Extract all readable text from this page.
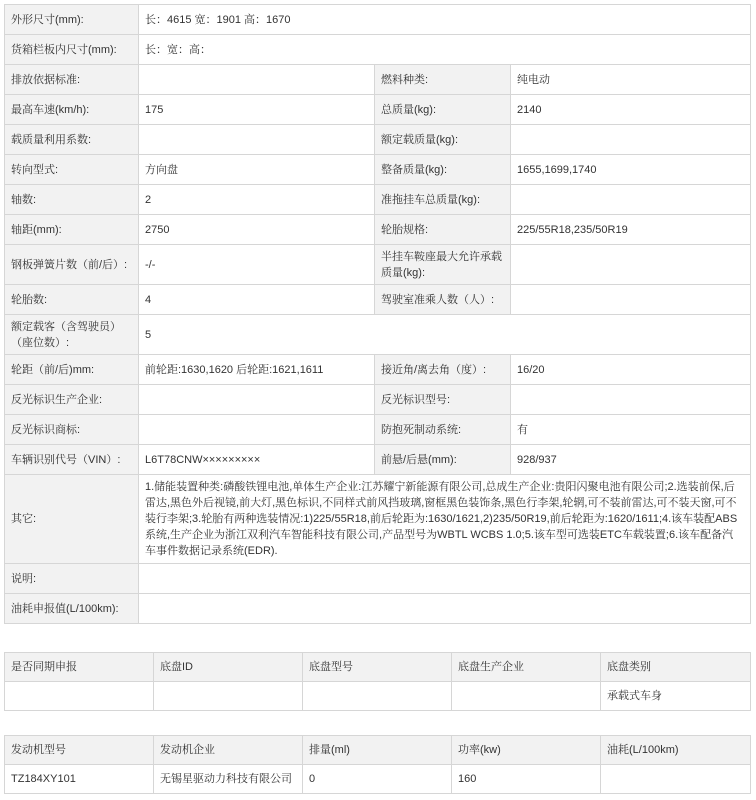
外形尺寸(mm):	长：4615 宽：1901 高：1670		
货箱栏板内尺寸(mm):	长：宽：高：		
排放依据标准:		燃料种类:	纯电动
最高车速(km/h):	175	总质量(kg):	2140
载质量利用系数:		额定载质量(kg):	
转向型式:	方向盘	整备质量(kg):	1655,1699,1740
轴数:	2	准拖挂车总质量(kg):	
轴距(mm):	2750	轮胎规格:	225/55R18,235/50R19
钢板弹簧片数（前/后）:	-/-	半挂车鞍座最大允许承载质量(kg):	
轮胎数:	4	驾驶室准乘人数（人）:	
额定载客（含驾驶员）（座位数）:	5		
轮距（前/后)mm:	前轮距:1630,1620 后轮距:1621,1611	接近角/离去角（度）:	16/20
反光标识生产企业:		反光标识型号:	
反光标识商标:		防抱死制动系统:	有
车辆识别代号（VIN）:	L6T78CNW×××××××××	前悬/后悬(mm):	928/937
其它:	1.储能装置种类:磷酸铁锂电池,单体生产企业:江苏耀宁新能源有限公司,总成生产企业:贵阳闪聚电池有限公司;2.选装前保,后雷达,黑色外后视镜,前大灯,黑色标识,不同样式前风挡玻璃,窗框黑色装饰条,黑色行李架,轮辋,可不装前雷达,可不装天窗,可不装行李架;3.轮胎有两种选装情况:1)225/55R18,前后轮距为:1630/1621,2)235/50R19,前后轮距为:1620/1611;4.该车装配ABS系统,生产企业为浙江双利汽车智能科技有限公司,产品型号为WBTL WCBS 1.0;5.该车型可选装ETC车载装置;6.该车配备汽车事件数据记录系统(EDR).		
说明:			
油耗申报值(L/100km):			
是否同期申报	底盘ID	底盘型号	底盘生产企业	底盘类别
				承载式车身
发动机型号	发动机企业	排量(ml)	功率(kw)	油耗(L/100km)
TZ184XY101	无锡星驱动力科技有限公司	0	160	
